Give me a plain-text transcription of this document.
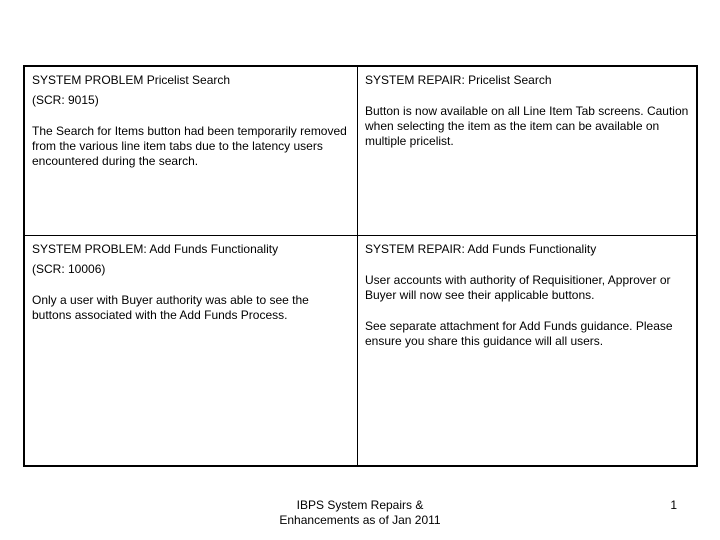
SYSTEM PROBLEM Pricelist Search

(SCR: 9015)

The Search for Items button had been temporarily removed from the various line item tabs due to the latency users encountered during the search.

SYSTEM REPAIR: Pricelist Search

Button is now available on all Line Item Tab screens. Caution when selecting the item as the item can be available on multiple pricelist.

SYSTEM PROBLEM: Add Funds Functionality

(SCR: 10006)

Only a user with Buyer authority was able to see the buttons associated with the Add Funds Process.

SYSTEM REPAIR: Add Funds Functionality

User accounts with authority of Requisitioner, Approver or Buyer will now see their applicable buttons.

See separate attachment for Add Funds guidance. Please ensure you share this guidance will all users.

IBPS System Repairs &
Enhancements as of Jan 2011
1
